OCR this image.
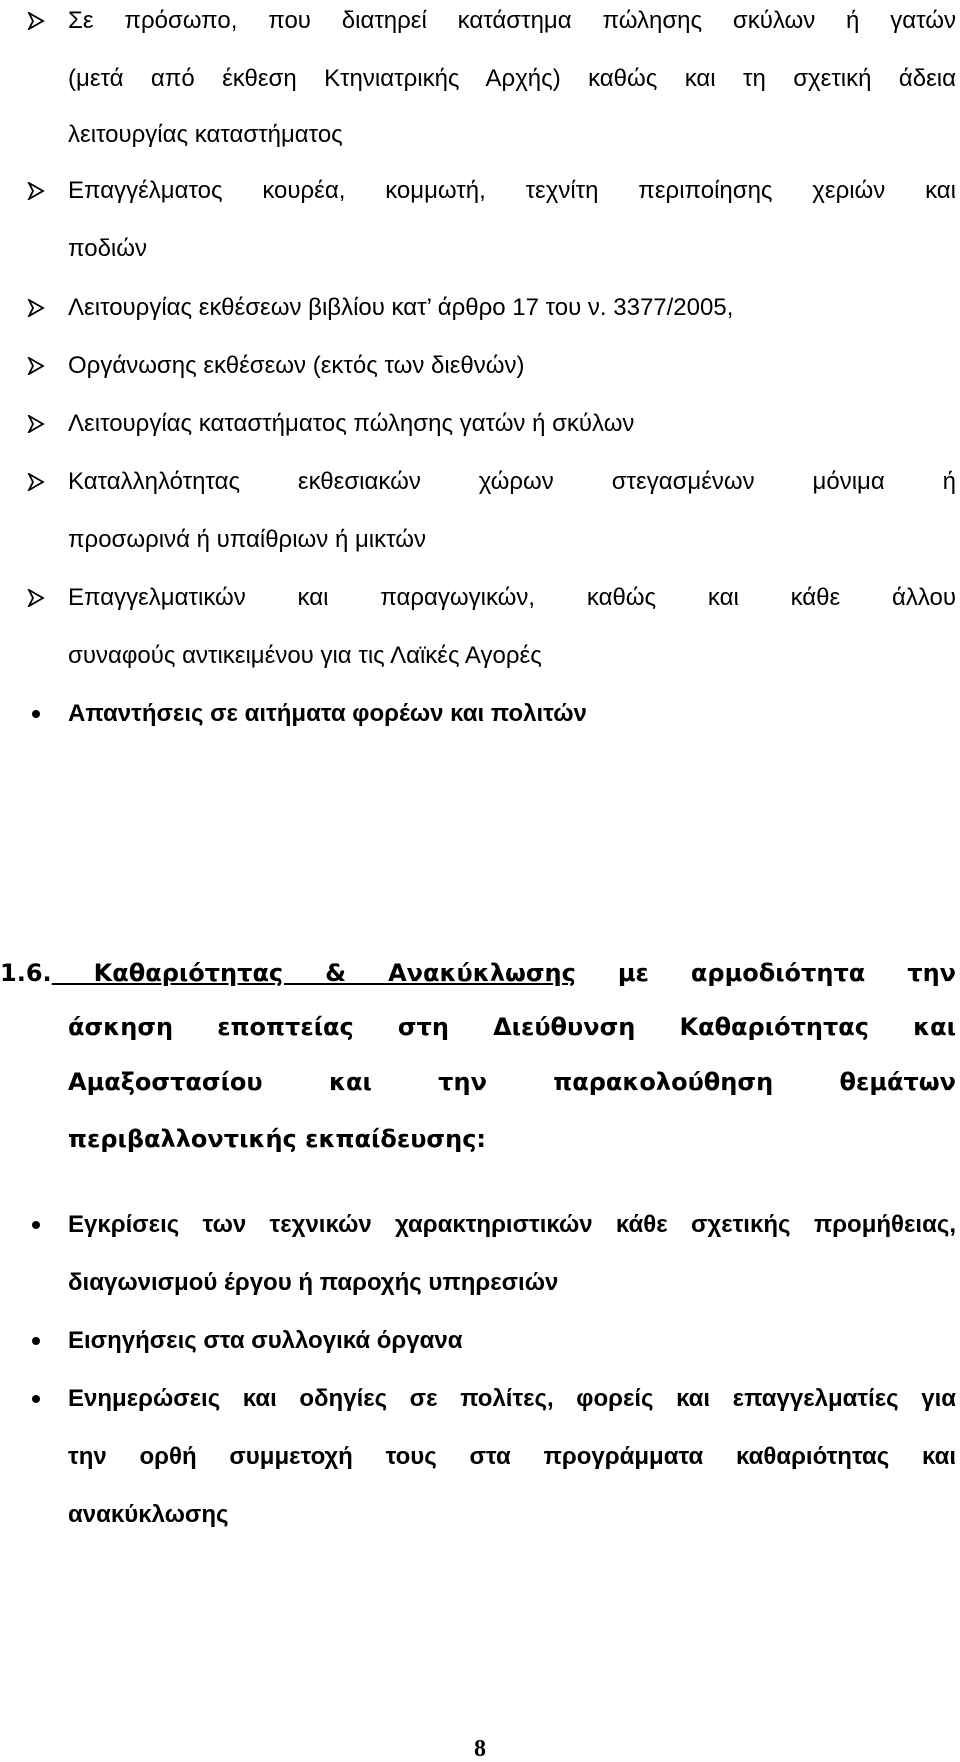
Σε πρόσωπο, που διατηρεί κατάστημα πώλησης σκύλων ή γατών
(μετά από έκθεση Κτηνιατρικής Αρχής) καθώς και τη σχετική άδεια
λειτουργίας καταστήματος
Επαγγέλματος κουρέα, κομμωτή, τεχνίτη περιποίησης χεριών και
ποδιών
Λειτουργίας εκθέσεων βιβλίου κατ’ άρθρο 17 του ν. 3377/2005,
Οργάνωσης εκθέσεων (εκτός των διεθνών)
Λειτουργίας καταστήματος πώλησης γατών ή σκύλων
Καταλληλότητας εκθεσιακών χώρων στεγασμένων μόνιμα ή
προσωρινά ή υπαίθριων ή μικτών
Επαγγελματικών και παραγωγικών, καθώς και κάθε άλλου
συναφούς αντικειμένου για τις Λαϊκές Αγορές
Απαντήσεις σε αιτήματα φορέων και πολιτών
1.6. Καθαριότητας & Ανακύκλωσης με αρμοδιότητα την
άσκηση εποπτείας στη Διεύθυνση Καθαριότητας και
Αμαξοστασίου και την παρακολούθηση θεμάτων
περιβαλλοντικής εκπαίδευσης:
Εγκρίσεις των τεχνικών χαρακτηριστικών κάθε σχετικής προμήθειας,
διαγωνισμού έργου ή παροχής υπηρεσιών
Εισηγήσεις στα συλλογικά όργανα
Ενημερώσεις και οδηγίες σε πολίτες, φορείς και επαγγελματίες για
την ορθή συμμετοχή τους στα προγράμματα καθαριότητας και
ανακύκλωσης
8
